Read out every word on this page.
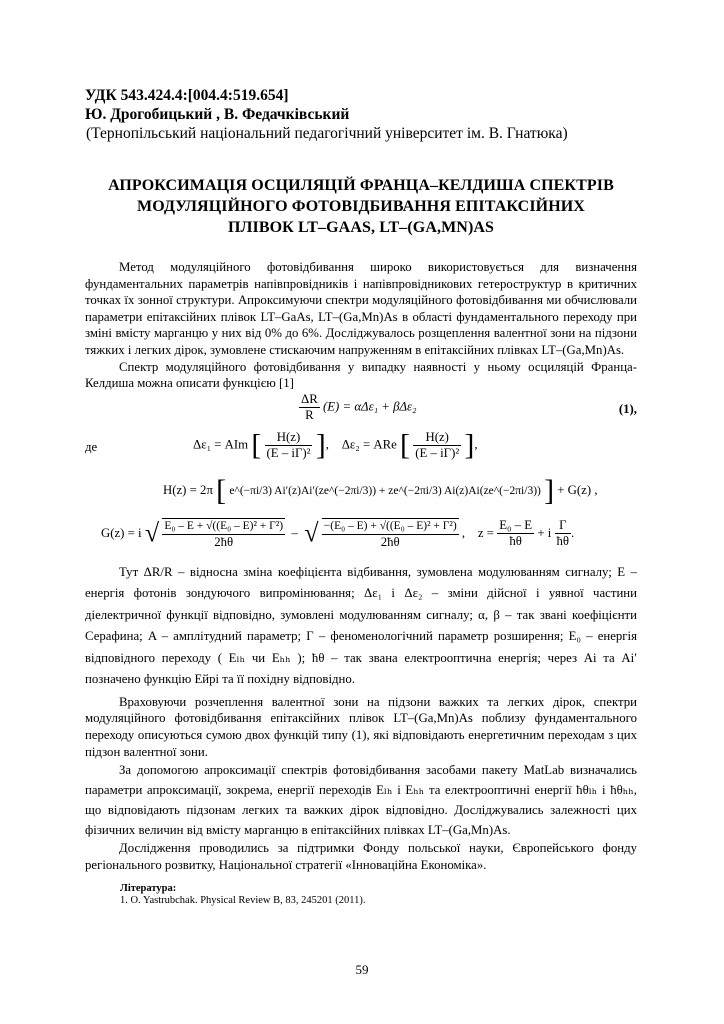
УДК 543.424.4:[004.4:519.654]
Ю. Дрогобицький , В. Федачківський
(Тернопільський національний педагогічний університет ім. В. Гнатюка)
АПРОКСИМАЦІЯ ОСЦИЛЯЦІЙ ФРАНЦА–КЕЛДИША СПЕКТРІВ
МОДУЛЯЦІЙНОГО ФОТОВІДБИВАННЯ ЕПІТАКСІЙНИХ
ПЛІВОК LT–GAAS, LT–(GA,MN)AS

Метод модуляційного фотовідбивання широко використовується для визначення фундаментальних параметрів напівпровідників і напівпровідникових гетероструктур в критичних точках їх зонної структури. Апроксимуючи спектри модуляційного фотовідбивання ми обчислювали параметри епітаксійних плівок LT–GaAs, LT–(Ga,Mn)As в області фундаментального переходу при зміні вмісту марганцю у них від 0% до 6%. Досліджувалось розщеплення валентної зони на підзони тяжких і легких дірок, зумовлене стискаючим напруженням в епітаксійних плівках LT–(Ga,Mn)As.

Спектр модуляційного фотовідбивання у випадку наявності у ньому осциляцій Франца-Келдиша можна описати функцією [1]

$\frac{\Delta R}{R} (E) = \alpha\Delta\varepsilon_1 + \beta\Delta\varepsilon_2$	(1),
де	Δε₁ = AIm [ $\frac{H(z)}{\text{(E – iΓ)²}}$ ],    Δε₂ = ARe [ $\frac{H(z)}{\text{(E – iΓ)²}}$ ],
H(z) = 2π [ e^(−πi/3) Ai′(z)Ai′(ze^(−2πi/3)) + ze^(−2πi/3) Ai(z)Ai(ze^(−2πi/3)) ] + G(z) ,
G(z) = i √ $\frac{\text{E₀ – E + √((E₀ – E)² + Γ²)}}{2ħ\theta}$ –  √ $\frac{\text{−(E₀ – E) + √((E₀ – E)² + Γ²)}}{2ħ\theta}$ ,    $z = \frac{\text{E₀ – E}}{ħ\theta} + i \frac{\Gamma}{ħ\theta}$ .

Тут ΔR/R – відносна зміна коефіцієнта відбивання, зумовлена модулюванням сигналу; E – енергія фотонів зондуючого випромінювання; Δε₁ і Δε₂ – зміни дійсної і уявної частини діелектричної функції відповідно, зумовлені модулюванням сигналу; α, β – так звані коефіцієнти Серафина; A – амплітудний параметр; Γ – феноменологічний параметр розширення; E₀ – енергія відповідного переходу ( Eₗₕ чи Eₕₕ ); ħθ – так звана електрооптична енергія; через Ai та Ai′ позначено функцію Ейрі та її похідну відповідно.

Враховуючи розчеплення валентної зони на підзони важких та легких дірок, спектри модуляційного фотовідбивання епітаксійних плівок LT–(Ga,Mn)As поблизу фундаментального переходу описуються сумою двох функцій типу (1), які відповідають енергетичним переходам з цих підзон валентної зони.

За допомогою апроксимації спектрів фотовідбивання засобами пакету MatLab визначались параметри апроксимації, зокрема, енергії переходів Eₗₕ і Eₕₕ та електрооптичні енергії ħθₗₕ і ħθₕₕ, що відповідають підзонам легких та важких дірок відповідно. Досліджувались залежності цих фізичних величин від вмісту марганцю в епітаксійних плівках LT–(Ga,Mn)As.

Дослідження проводились за підтримки Фонду польської науки, Європейського фонду регіонального розвитку, Національної стратегії «Інноваційна Економіка».

Література:
1. O. Yastrubchak. Physical Review B, 83, 245201 (2011).
59
